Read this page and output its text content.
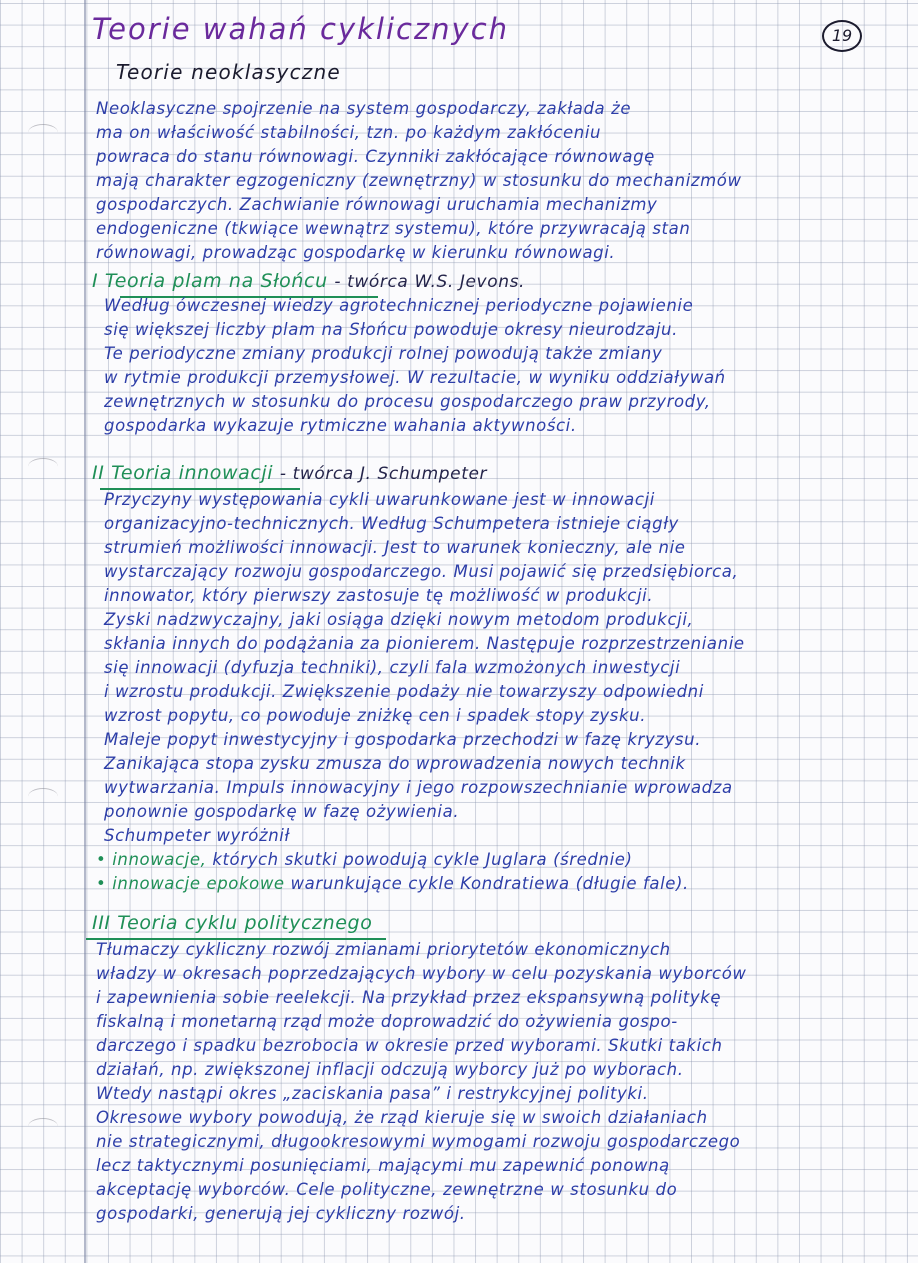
Teorie wahań cyklicznych	19
Teorie neoklasyczne
Neoklasyczne spojrzenie na system gospodarczy, zakłada że
ma on właściwość stabilności, tzn. po każdym zakłóceniu
powraca do stanu równowagi. Czynniki zakłócające równowagę
mają charakter egzogeniczny (zewnętrzny) w stosunku do mechanizmów
gospodarczych. Zachwianie równowagi uruchamia mechanizmy
endogeniczne (tkwiące wewnątrz systemu), które przywracają stan
równowagi, prowadząc gospodarkę w kierunku równowagi.
I Teoria plam na Słońcu - twórca W.S. Jevons.
Według ówczesnej wiedzy agrotechnicznej periodyczne pojawienie
się większej liczby plam na Słońcu powoduje okresy nieurodzaju.
Te periodyczne zmiany produkcji rolnej powodują także zmiany
w rytmie produkcji przemysłowej. W rezultacie, w wyniku oddziaływań
zewnętrznych w stosunku do procesu gospodarczego praw przyrody,
gospodarka wykazuje rytmiczne wahania aktywności.
II Teoria innowacji - twórca J. Schumpeter
Przyczyny występowania cykli uwarunkowane jest w innowacji
organizacyjno-technicznych. Według Schumpetera istnieje ciągły
strumień możliwości innowacji. Jest to warunek konieczny, ale nie
wystarczający rozwoju gospodarczego. Musi pojawić się przedsiębiorca,
innowator, który pierwszy zastosuje tę możliwość w produkcji.
Zyski nadzwyczajny, jaki osiąga dzięki nowym metodom produkcji,
skłania innych do podążania za pionierem. Następuje rozprzestrzenianie
się innowacji (dyfuzja techniki), czyli fala wzmożonych inwestycji
i wzrostu produkcji. Zwiększenie podaży nie towarzyszy odpowiedni
wzrost popytu, co powoduje zniżkę cen i spadek stopy zysku.
Maleje popyt inwestycyjny i gospodarka przechodzi w fazę kryzysu.
Zanikająca stopa zysku zmusza do wprowadzenia nowych technik
wytwarzania. Impuls innowacyjny i jego rozpowszechnianie wprowadza
ponownie gospodarkę w fazę ożywienia.
Schumpeter wyróżnił
• innowacje, których skutki powodują cykle Juglara (średnie)
• innowacje epokowe warunkujące cykle Kondratiewa (długie fale).
III Teoria cyklu politycznego
Tłumaczy cykliczny rozwój zmianami priorytetów ekonomicznych
władzy w okresach poprzedzających wybory w celu pozyskania wyborców
i zapewnienia sobie reelekcji. Na przykład przez ekspansywną politykę
fiskalną i monetarną rząd może doprowadzić do ożywienia gospo-
darczego i spadku bezrobocia w okresie przed wyborami. Skutki takich
działań, np. zwiększonej inflacji odczują wyborcy już po wyborach.
Wtedy nastąpi okres „zaciskania pasa” i restrykcyjnej polityki.
Okresowe wybory powodują, że rząd kieruje się w swoich działaniach
nie strategicznymi, długookresowymi wymogami rozwoju gospodarczego
lecz taktycznymi posunięciami, mającymi mu zapewnić ponowną
akceptację wyborców. Cele polityczne, zewnętrzne w stosunku do
gospodarki, generują jej cykliczny rozwój.
